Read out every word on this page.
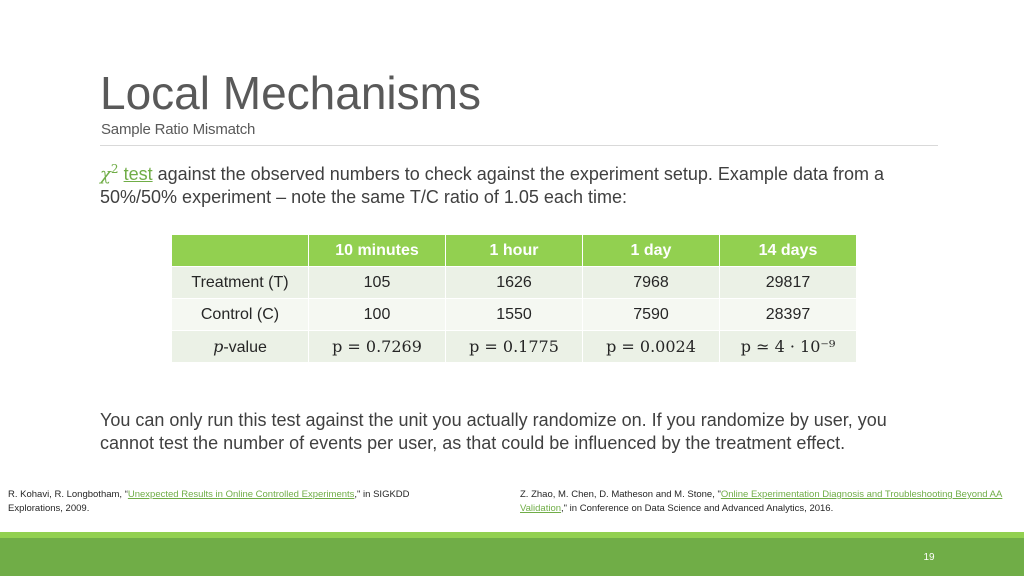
Local Mechanisms
Sample Ratio Mismatch
$\chi^2$ test against the observed numbers to check against the experiment setup. Example data from a 50%/50% experiment – note the same T/C ratio of 1.05 each time:
	10 minutes	1 hour	1 day	14 days
Treatment (T)	105	1626	7968	29817
Control (C)	100	1550	7590	28397
p-value	p = 0.7269	p = 0.1775	p = 0.0024	p ≃ 4 · 10⁻⁹
You can only run this test against the unit you actually randomize on. If you randomize by user, you cannot test the number of events per user, as that could be influenced by the treatment effect.
R. Kohavi, R. Longbotham, “Unexpected Results in Online Controlled Experiments," in SIGKDD Explorations, 2009.
Z. Zhao, M. Chen, D. Matheson and M. Stone, "Online Experimentation Diagnosis and Troubleshooting Beyond AA Validation," in Conference on Data Science and Advanced Analytics, 2016.
19
